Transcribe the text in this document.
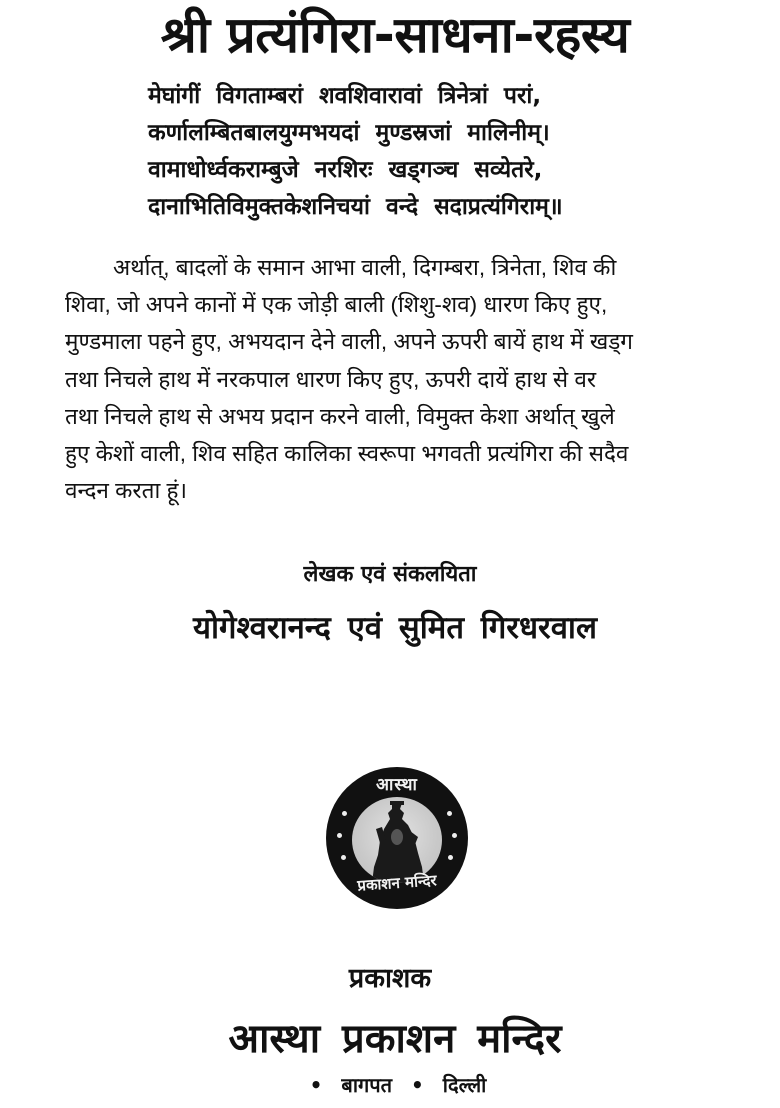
श्री प्रत्यंगिरा-साधना-रहस्य
मेघांगीं विगताम्बरां शवशिवारावां त्रिनेत्रां परां,
कर्णालम्बितबालयुग्मभयदां मुण्डस्रजां मालिनीम्।
वामाधोर्ध्वकराम्बुजे नरशिरः खड्गञ्च सव्येतरे,
दानाभितिविमुक्तकेशनिचयां वन्दे सदाप्रत्यंगिराम्॥
अर्थात्, बादलों के समान आभा वाली, दिगम्बरा, त्रिनेता, शिव की
शिवा, जो अपने कानों में एक जोड़ी बाली (शिशु-शव) धारण किए हुए,
मुण्डमाला पहने हुए, अभयदान देने वाली, अपने ऊपरी बायें हाथ में खड्ग
तथा निचले हाथ में नरकपाल धारण किए हुए, ऊपरी दायें हाथ से वर
तथा निचले हाथ से अभय प्रदान करने वाली, विमुक्त केशा अर्थात् खुले
हुए केशों वाली, शिव सहित कालिका स्वरूपा भगवती प्रत्यंगिरा की सदैव
वन्दन करता हूं।
लेखक एवं संकलयिता
योगेश्वरानन्द एवं सुमित गिरधरवाल
आस्था
प्रकाशन मन्दिर
प्रकाशक
आस्था प्रकाशन मन्दिर
• बागपत • दिल्ली
